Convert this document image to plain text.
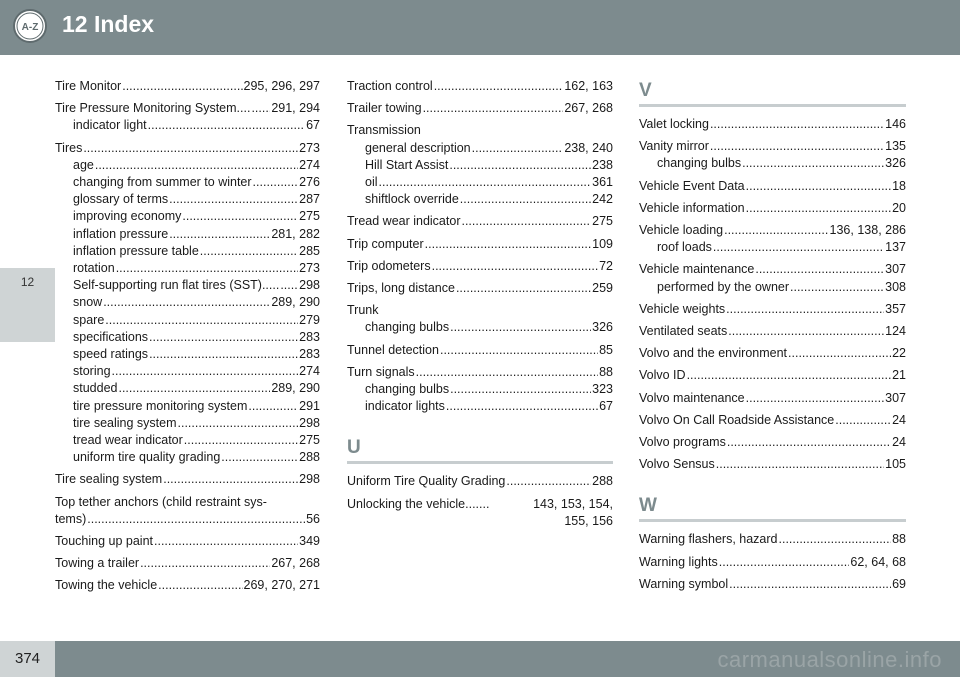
A-Z 12 Index
12
Tire Monitor .....	295, 296, 297
Tire Pressure Monitoring System.... ..... 291, 294
indicator light .....	67
Tires .....	273
age .....	274
changing from summer to winter .....	276
glossary of terms .....	287
improving economy .....	275
inflation pressure .....	281, 282
inflation pressure table .....	285
rotation .....	273
Self-supporting run flat tires (SST)..... ..... 298
snow .....	289, 290
spare .....	279
specifications .....	283
speed ratings .....	283
storing .....	274
studded .....	289, 290
tire pressure monitoring system .....	291
tire sealing system .....	298
tread wear indicator .....	275
uniform tire quality grading .....	288
Tire sealing system .....	298
Top tether anchors (child restraint sys-
tems) .....	56
Touching up paint .....	349
Towing a trailer .....	267, 268
Towing the vehicle .....	269, 270, 271
Traction control .....	162, 163
Trailer towing .....	267, 268
Transmission
general description .....	238, 240
Hill Start Assist .....	238
oil .....	361
shiftlock override .....	242
Tread wear indicator .....	275
Trip computer .....	109
Trip odometers .....	72
Trips, long distance .....	259
Trunk
changing bulbs .....	326
Tunnel detection .....	85
Turn signals .....	88
changing bulbs .....	323
indicator lights .....	67
U
Uniform Tire Quality Grading .....	288
Unlocking the vehicle.......	143, 153, 154,
155, 156
V
Valet locking .....	146
Vanity mirror .....	135
changing bulbs .....	326
Vehicle Event Data .....	18
Vehicle information .....	20
Vehicle loading .....	136, 138, 286
roof loads .....	137
Vehicle maintenance .....	307
performed by the owner .....	308
Vehicle weights .....	357
Ventilated seats .....	124
Volvo and the environment .....	22
Volvo ID .....	21
Volvo maintenance .....	307
Volvo On Call Roadside Assistance .....	24
Volvo programs .....	24
Volvo Sensus .....	105
W
Warning flashers, hazard .....	88
Warning lights .....	62, 64, 68
Warning symbol .....	69
374	carmanualsonline.info
